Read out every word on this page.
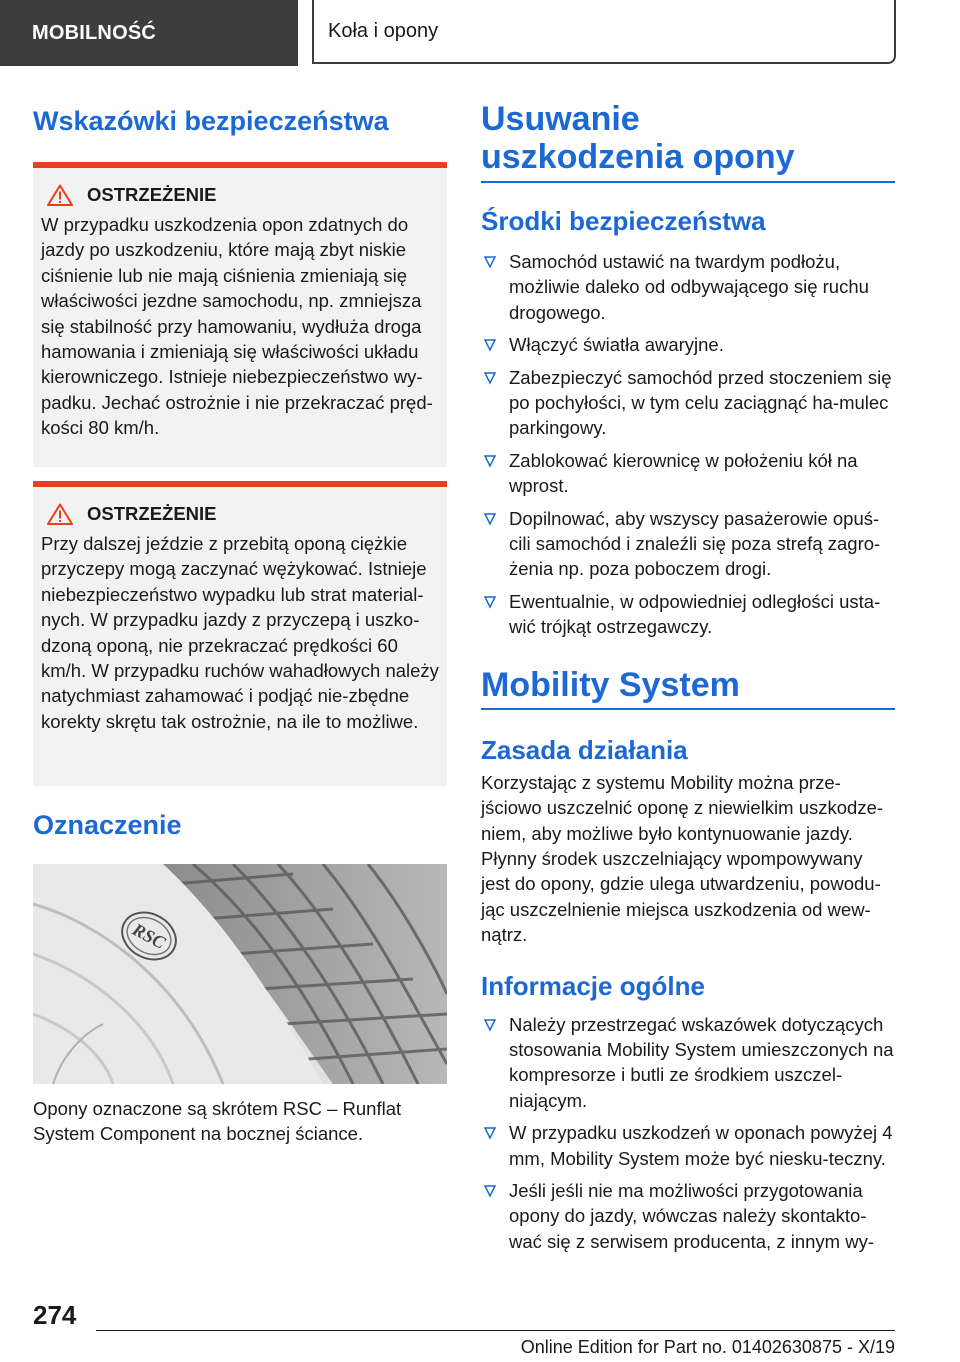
MOBILNOŚĆ	Koła i opony
Wskazówki bezpieczeństwa
OSTRZEŻENIE

W przypadku uszkodzenia opon zdatnych do jazdy po uszkodzeniu, które mają zbyt niskie ciśnienie lub nie mają ciśnienia zmieniają się właściwości jezdne samochodu, np. zmniejsza się stabilność przy hamowaniu, wydłuża droga hamowania i zmieniają się właściwości układu kierowniczego. Istnieje niebezpieczeństwo wy-padku. Jechać ostrożnie i nie przekraczać pręd-kości 80 km/h.

OSTRZEŻENIE

Przy dalszej jeździe z przebitą oponą ciężkie przyczepy mogą zaczynać wężykować. Istnieje niebezpieczeństwo wypadku lub strat material-nych. W przypadku jazdy z przyczepą i uszko-dzoną oponą, nie przekraczać prędkości 60 km/h. W przypadku ruchów wahadłowych należy natychmiast zahamować i podjąć nie-zbędne korekty skrętu tak ostrożnie, na ile to możliwe.

Oznaczenie
RSC

Opony oznaczone są skrótem RSC – Runflat System Component na bocznej ściance.

Usuwanie uszkodzenia opony
Środki bezpieczeństwa
Samochód ustawić na twardym podłożu, możliwie daleko od odbywającego się ruchu drogowego.
Włączyć światła awaryjne.
Zabezpieczyć samochód przed stoczeniem się po pochyłości, w tym celu zaciągnąć ha-mulec parkingowy.
Zablokować kierownicę w położeniu kół na wprost.
Dopilnować, aby wszyscy pasażerowie opuś-cili samochód i znaleźli się poza strefą zagro-żenia np. poza poboczem drogi.
Ewentualnie, w odpowiedniej odległości usta-wić trójkąt ostrzegawczy.
Mobility System
Zasada działania

Korzystając z systemu Mobility można prze-jściowo uszczelnić oponę z niewielkim uszkodze-niem, aby możliwe było kontynuowanie jazdy. Płynny środek uszczelniający wpompowywany jest do opony, gdzie ulega utwardzeniu, powodu-jąc uszczelnienie miejsca uszkodzenia od wew-nątrz.

Informacje ogólne
Należy przestrzegać wskazówek dotyczących stosowania Mobility System umieszczonych na kompresorze i butli ze środkiem uszczel-niającym.
W przypadku uszkodzeń w oponach powyżej 4 mm, Mobility System może być niesku-teczny.
Jeśli jeśli nie ma możliwości przygotowania opony do jazdy, wówczas należy skontakto-wać się z serwisem producenta, z innym wy-
274
Online Edition for Part no. 01402630875 - X/19
